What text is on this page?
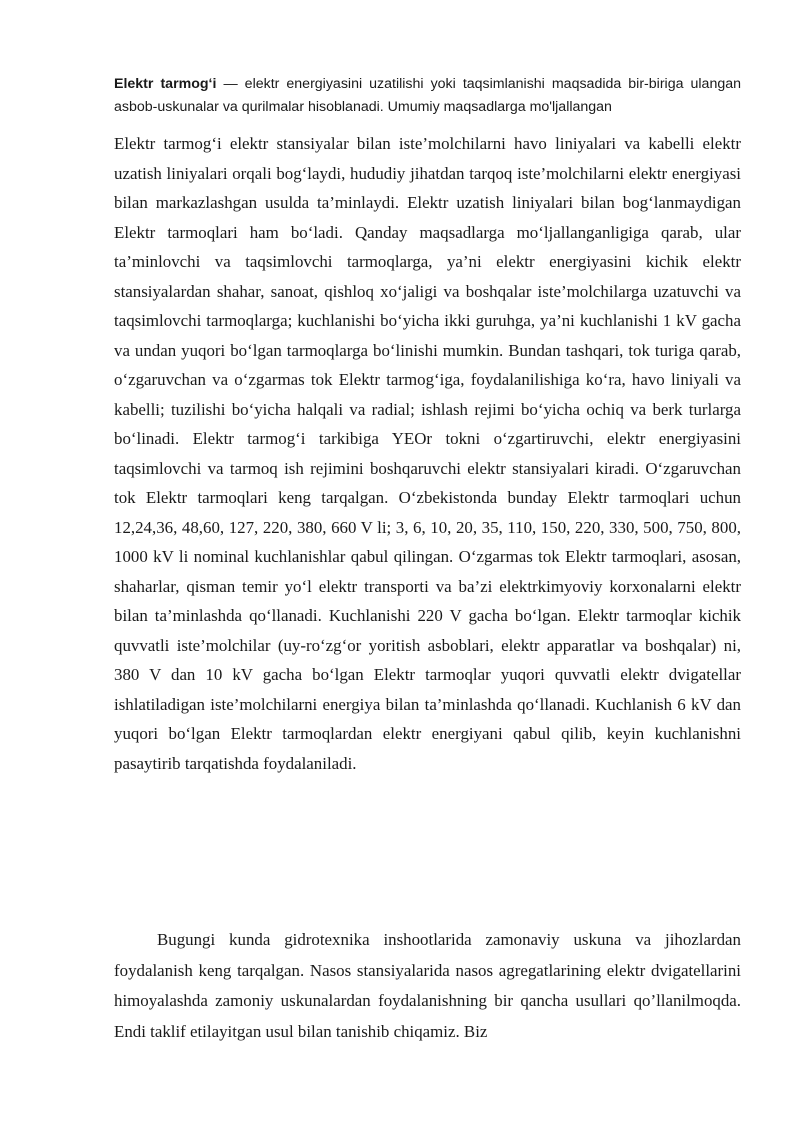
Elektr tarmog‘i — elektr energiyasini uzatilishi yoki taqsimlanishi maqsadida bir-biriga ulangan asbob-uskunalar va qurilmalar hisoblanadi. Umumiy maqsadlarga mo'ljallangan

Elektr tarmog‘i elektr stansiyalar bilan iste’molchilarni havo liniyalari va kabelli elektr uzatish liniyalari orqali bog‘laydi, hududiy jihatdan tarqoq iste’molchilarni elektr energiyasi bilan markazlashgan usulda ta’minlaydi. Elektr uzatish liniyalari bilan bog‘lanmaydigan Elektr tarmoqlari ham bo‘ladi. Qanday maqsadlarga mo‘ljallanganligiga qarab, ular ta’minlovchi va taqsimlovchi tarmoqlarga, ya’ni elektr energiyasini kichik elektr stansiyalardan shahar, sanoat, qishloq xo‘jaligi va boshqalar iste’molchilarga uzatuvchi va taqsimlovchi tarmoqlarga; kuchlanishi bo‘yicha ikki guruhga, ya’ni kuchlanishi 1 kV gacha va undan yuqori bo‘lgan tarmoqlarga bo‘linishi mumkin. Bundan tashqari, tok turiga qarab, o‘zgaruvchan va o‘zgarmas tok Elektr tarmog‘iga, foydalanilishiga ko‘ra, havo liniyali va kabelli; tuzilishi bo‘yicha halqali va radial; ishlash rejimi bo‘yicha ochiq va berk turlarga bo‘linadi. Elektr tarmog‘i tarkibiga YEOr tokni o‘zgartiruvchi, elektr energiyasini taqsimlovchi va tarmoq ish rejimini boshqaruvchi elektr stansiyalari kiradi. O‘zgaruvchan tok Elektr tarmoqlari keng tarqalgan. O‘zbekistonda bunday Elektr tarmoqlari uchun 12,24,36, 48,60, 127, 220, 380, 660 V li; 3, 6, 10, 20, 35, 110, 150, 220, 330, 500, 750, 800, 1000 kV li nominal kuchlanishlar qabul qilingan. O‘zgarmas tok Elektr tarmoqlari, asosan, shaharlar, qisman temir yo‘l elektr transporti va ba’zi elektrkimyoviy korxonalarni elektr bilan ta’minlashda qo‘llanadi. Kuchlanishi 220 V gacha bo‘lgan. Elektr tarmoqlar kichik quvvatli iste’molchilar (uy-ro‘zg‘or yoritish asboblari, elektr apparatlar va boshqalar) ni, 380 V dan 10 kV gacha bo‘lgan Elektr tarmoqlar yuqori quvvatli elektr dvigatellar ishlatiladigan iste’molchilarni energiya bilan ta’minlashda qo‘llanadi. Kuchlanish 6 kV dan yuqori bo‘lgan Elektr tarmoqlardan elektr energiyani qabul qilib, keyin kuchlanishni pasaytirib tarqatishda foydalaniladi.

Bugungi kunda gidrotexnika inshootlarida zamonaviy uskuna va jihozlardan foydalanish keng tarqalgan. Nasos stansiyalarida nasos agregatlarining elektr dvigatellarini himoyalashda zamoniy uskunalardan foydalanishning bir qancha usullari qo’llanilmoqda. Endi taklif etilayitgan usul bilan tanishib chiqamiz. Biz
